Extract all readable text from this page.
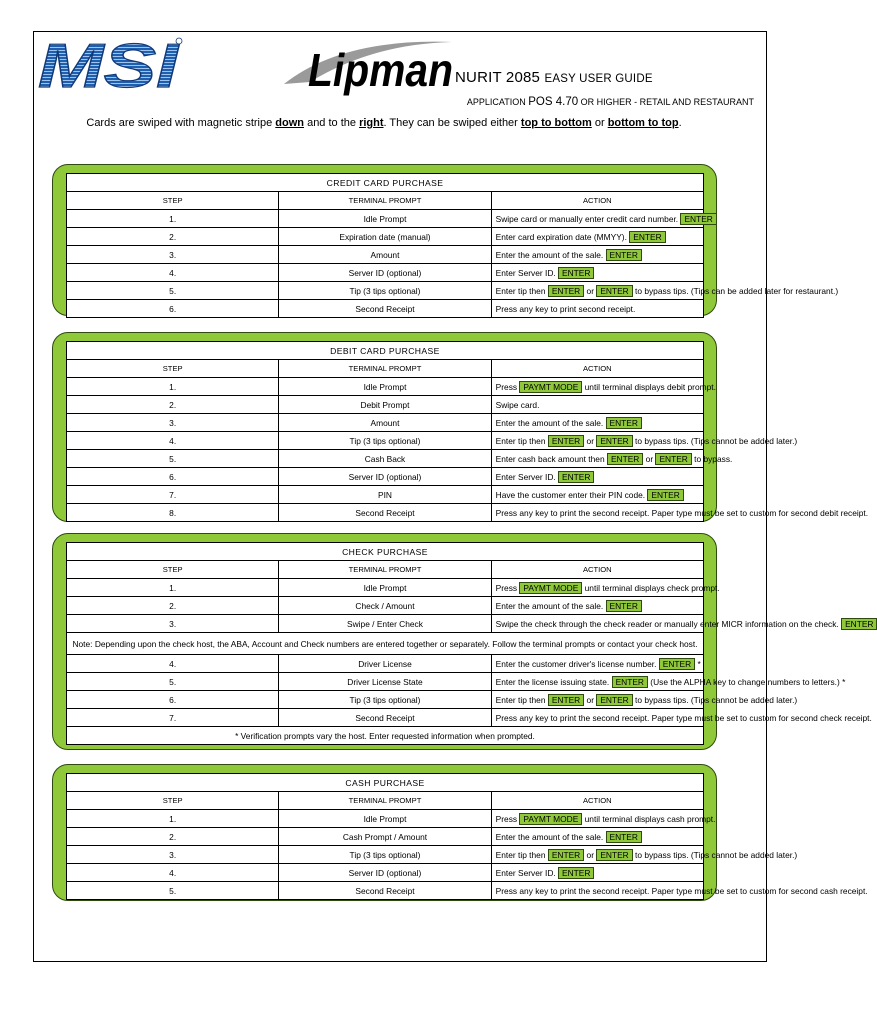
MSI	Lipman NURIT 2085 EASY USER GUIDE
APPLICATION POS 4.70 OR HIGHER - RETAIL AND RESTAURANT
Cards are swiped with magnetic stripe down and to the right. They can be swiped either top to bottom or bottom to top.
CREDIT CARD PURCHASE		
STEP	TERMINAL PROMPT	ACTION
1.	Idle Prompt	Swipe card or manually enter credit card number. ENTER
2.	Expiration date (manual)	Enter card expiration date (MMYY). ENTER
3.	Amount	Enter the amount of the sale. ENTER
4.	Server ID (optional)	Enter Server ID. ENTER
5.	Tip (3 tips optional)	Enter tip then ENTER or ENTER to bypass tips. (Tips can be added later for restaurant.)
6.	Second Receipt	Press any key to print second receipt.
DEBIT CARD PURCHASE		
STEP	TERMINAL PROMPT	ACTION
1.	Idle Prompt	Press PAYMT MODE until terminal displays debit prompt.
2.	Debit Prompt	Swipe card.
3.	Amount	Enter the amount of the sale. ENTER
4.	Tip (3 tips optional)	Enter tip then ENTER or ENTER to bypass tips. (Tips cannot be added later.)
5.	Cash Back	Enter cash back amount then ENTER or ENTER to bypass.
6.	Server ID (optional)	Enter Server ID. ENTER
7.	PIN	Have the customer enter their PIN code. ENTER
8.	Second Receipt	Press any key to print the second receipt. Paper type must be set to custom for second debit receipt.
CHECK PURCHASE		
STEP	TERMINAL PROMPT	ACTION
1.	Idle Prompt	Press PAYMT MODE until terminal displays check prompt.
2.	Check / Amount	Enter the amount of the sale. ENTER
3.	Swipe / Enter Check	Swipe the check through the check reader or manually enter MICR information on the check. ENTER
Note: Depending upon the check host, the ABA, Account and Check numbers are entered together or separately. Follow the terminal prompts or contact your check host.		
4.	Driver License	Enter the customer driver's license number. ENTER *
5.	Driver License State	Enter the license issuing state. ENTER (Use the ALPHA key to change numbers to letters.) *
6.	Tip (3 tips optional)	Enter tip then ENTER or ENTER to bypass tips. (Tips cannot be added later.)
7.	Second Receipt	Press any key to print the second receipt. Paper type must be set to custom for second check receipt.
* Verification prompts vary the host. Enter requested information when prompted.		
CASH PURCHASE		
STEP	TERMINAL PROMPT	ACTION
1.	Idle Prompt	Press PAYMT MODE until terminal displays cash prompt.
2.	Cash Prompt / Amount	Enter the amount of the sale. ENTER
3.	Tip (3 tips optional)	Enter tip then ENTER or ENTER to bypass tips. (Tips cannot be added later.)
4.	Server ID (optional)	Enter Server ID. ENTER
5.	Second Receipt	Press any key to print the second receipt. Paper type must be set to custom for second cash receipt.
